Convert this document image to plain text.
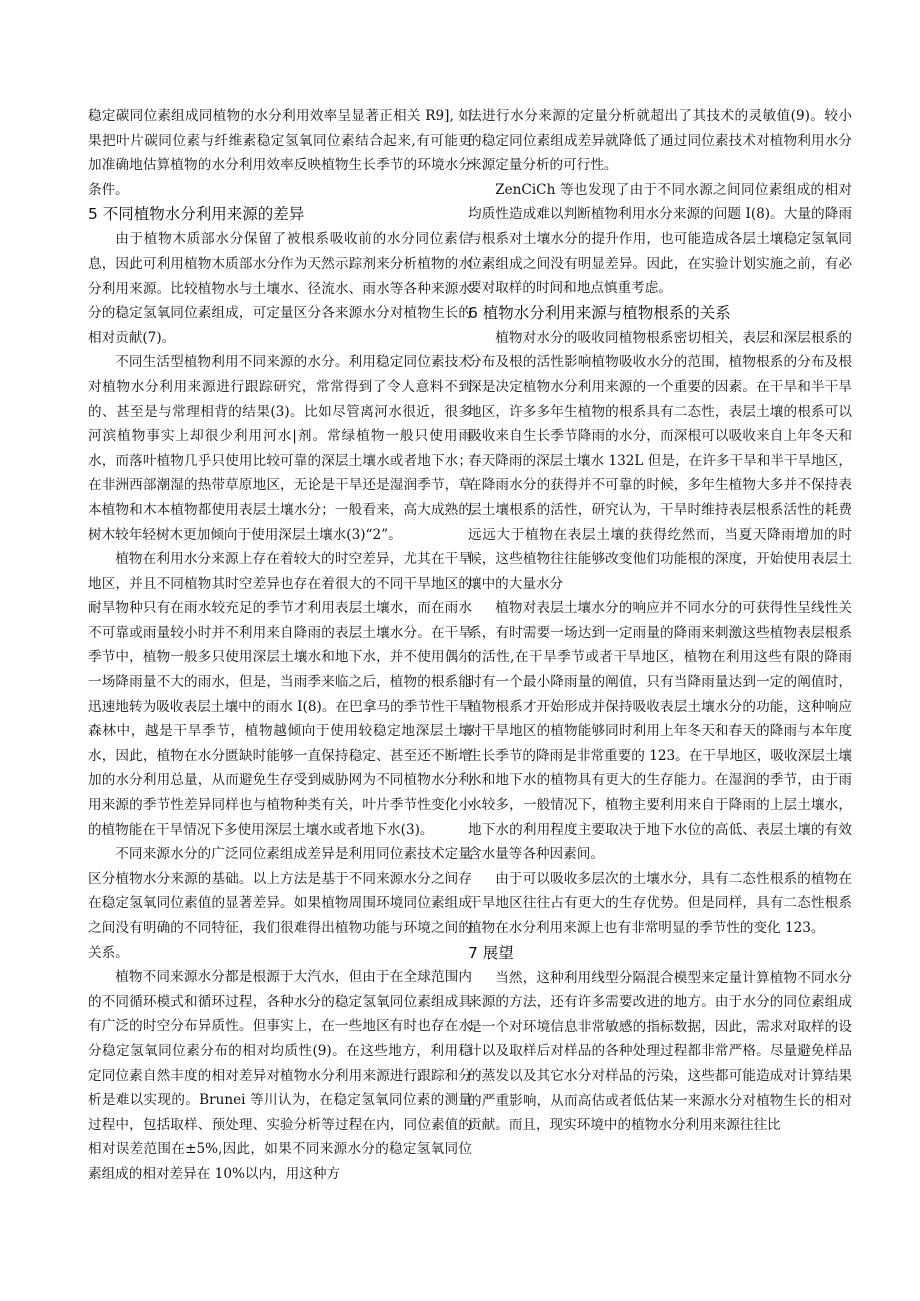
稳定碳同位素组成同植物的水分利用效率呈显著正相关 R9], 如果把叶片碳同位素与纤维素稳定氢氧同位素结合起来,有可能更加准确地估算植物的水分利用效率反映植物生长季节的环境水分条件。

5 不同植物水分利用来源的差异

由于植物木质部水分保留了被根系吸收前的水分同位素信息，因此可利用植物木质部水分作为天然示踪剂来分析植物的水分利用来源。比较植物水与土壤水、径流水、雨水等各种来源水分的稳定氢氧同位素组成，可定量区分各来源水分对植物生长的相对贡献(7)。

不同生活型植物利用不同来源的水分。利用稳定同位素技术对植物水分利用来源进行跟踪研究，常常得到了令人意料不到的、甚至是与常理相背的结果(3)。比如尽管离河水很近，很多河滨植物事实上却很少利用河水|剂。常绿植物一般只使用雨水，而落叶植物几乎只使用比较可靠的深层土壤水或者地下水；在非洲西部潮湿的热带草原地区，无论是干旱还是湿润季节，草本植物和木本植物都使用表层土壤水分；一般看来，高大成熟的树木较年轻树木更加倾向于使用深层土壤水(3)“2”。

植物在利用水分来源上存在着较大的时空差异，尤其在干旱地区，并且不同植物其时空差异也存在着很大的不同干旱地区的耐旱物种只有在雨水较充足的季节才利用表层土壤水，而在雨水不可靠或雨量较小时并不利用来自降雨的表层土壤水分。在干旱季节中，植物一般多只使用深层土壤水和地下水，并不使用偶尔一场降雨量不大的雨水，但是，当雨季来临之后，植物的根系能迅速地转为吸收表层土壤中的雨水 I(8)。在巴拿马的季节性干旱森林中，越是干旱季节，植物越倾向于使用较稳定地深层土壤水，因此，植物在水分匮缺时能够一直保持稳定、甚至还不断增加的水分利用总量，从而避免生存受到威胁网为不同植物水分利用来源的季节性差异同样也与植物种类有关，叶片季节性变化小的植物能在干旱情况下多使用深层土壤水或者地下水(3)。

不同来源水分的广泛同位素组成差异是利用同位素技术定量区分植物水分来源的基础。以上方法是基于不同来源水分之间存在稳定氢氧同位素值的显著差异。如果植物周围环境同位素组成之间没有明确的不同特征，我们很难得出植物功能与环境之间的关系。

植物不同来源水分都是根源于大汽水，但由于在全球范围内的不同循环模式和循环过程，各种水分的稳定氢氧同位素组成具有广泛的时空分布异质性。但事实上，在一些地区有时也存在水分稳定氢氧同位素分布的相对均质性(9)。在这些地方，利用稳定同位素自然丰度的相对差异对植物水分利用来源进行跟踪和分析是难以实现的。Brunei 等川认为，在稳定氢氧同位素的测量过程中，包括取样、预处理、实验分析等过程在内，同位素值的相对误差范围在±5%,因此，如果不同来源水分的稳定氢氧同位素组成的相对差异在 10%以内，用这种方

法进行水分来源的定量分析就超出了其技术的灵敏值(9)。较小的稳定同位素组成差异就降低了通过同位素技术对植物利用水分来源定量分析的可行性。

ZenCiCh 等也发现了由于不同水源之间同位素组成的相对均质性造成难以判断植物利用水分来源的问题 I(8)。大量的降雨与根系对土壤水分的提升作用，也可能造成各层土壤稳定氢氧同位素组成之间没有明显差异。因此，在实验计划实施之前，有必要对取样的时间和地点慎重考虑。

6 植物水分利用来源与植物根系的关系

植物对水分的吸收同植物根系密切相关，表层和深层根系的分布及根的活性影响植物吸收水分的范围，植物根系的分布及根深是决定植物水分利用来源的一个重要的因素。在干旱和半干旱地区，许多多年生植物的根系具有二态性，表层土壤的根系可以吸收来自生长季节降雨的水分，而深根可以吸收来自上年冬天和春天降雨的深层土壤水 132L 但是，在许多干旱和半干旱地区，在降雨水分的获得并不可靠的时候，多年生植物大多并不保持表层土壤根系的活性，研究认为，干旱时维持表层根系活性的耗费远远大于植物在表层土壤的获得纥然而，当夏天降雨增加的时候，这些植物往往能够改变他们功能根的深度，开始使用表层土壤中的大量水分

植物对表层土壤水分的响应并不同水分的可获得性呈线性关系，有时需要一场达到一定雨量的降雨来刺激这些植物表层根系的活性,在干旱季节或者干旱地区，植物在利用这些有限的降雨时有一个最小降雨量的阐值，只有当降雨量达到一定的阐值时，植物根系才开始形成并保持吸收表层土壤水分的功能，这种响应对干旱地区的植物能够同时利用上年冬天和春天的降雨与本年度生长季节的降雨是非常重要的 123。在干旱地区，吸收深层土壤水和地下水的植物具有更大的生存能力。在湿润的季节，由于雨水较多，一般情况下，植物主要利用来自于降雨的上层土壤水，地下水的利用程度主要取决于地下水位的高低、表层土壤的有效含水量等各种因素间。

由于可以吸收多层次的土壤水分，具有二态性根系的植物在干旱地区往往占有更大的生存优势。但是同样，具有二态性根系植物在水分利用来源上也有非常明显的季节性的变化 123。

7 展望

当然，这种利用线型分隔混合模型来定量计算植物不同水分来源的方法，还有许多需要改进的地方。由于水分的同位素组成是一个对环境信息非常敏感的指标数据，因此，需求对取样的设计以及取样后对样品的各种处理过程都非常严格。尽量避免样品的蒸发以及其它水分对样品的污染，这些都可能造成对计算结果的严重影响，从而高估或者低估某一来源水分对植物生长的相对贡献。而且，现实环境中的植物水分利用来源往往比
